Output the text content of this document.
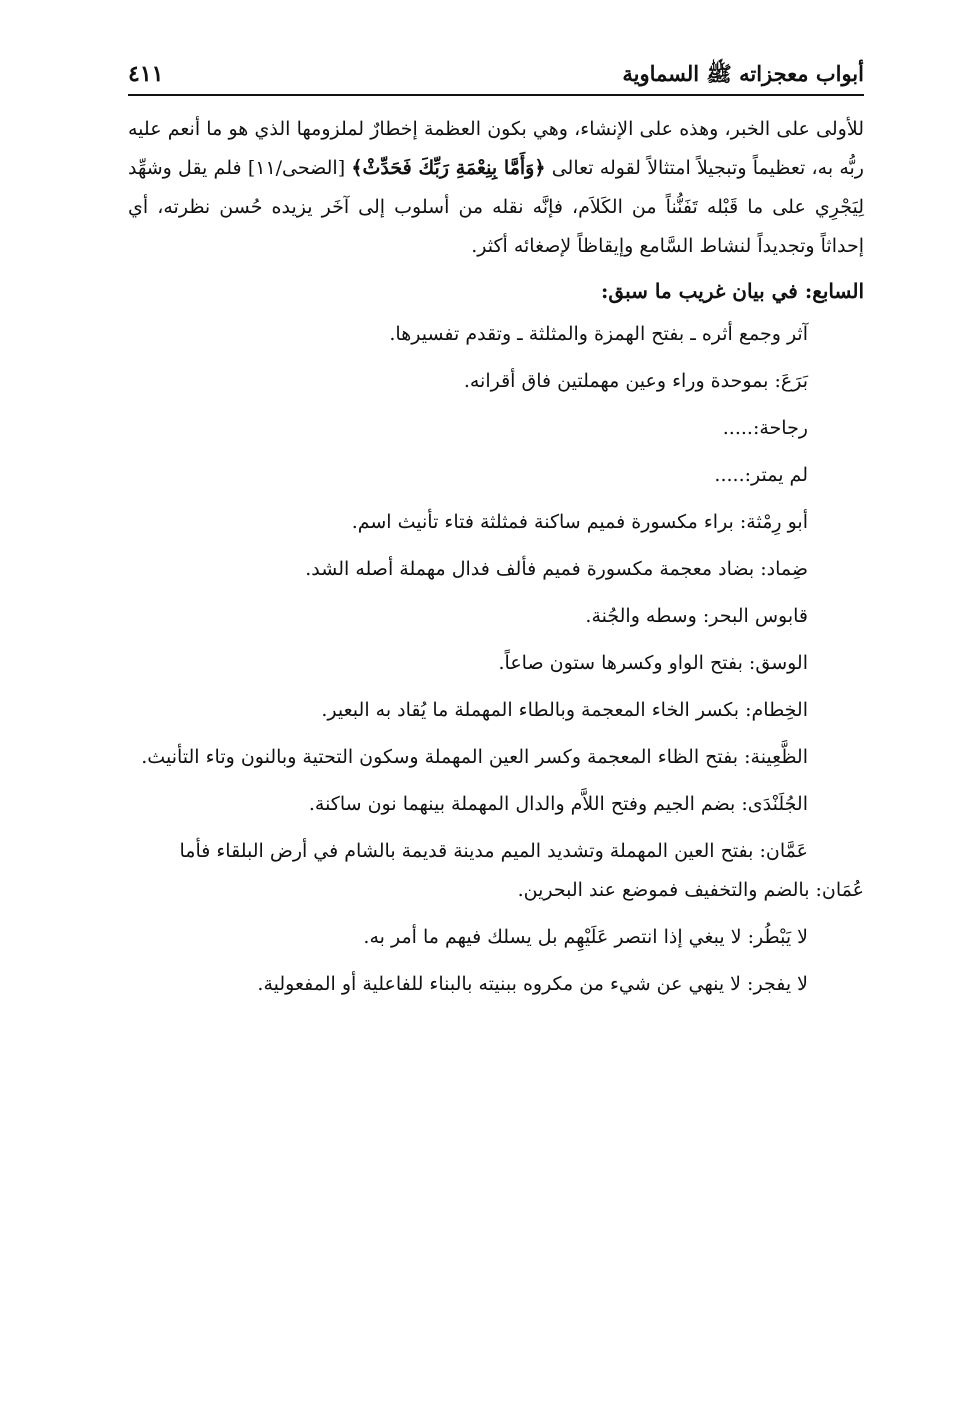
أبواب معجزاته ﷺ السماوية
٤١١

للأولى على الخبر، وهذه على الإنشاء، وهي بكون العظمة إخطارٌ لملزومها الذي هو ما أنعم عليه ربُّه به، تعظيماً وتبجيلاً امتثالاً لقوله تعالى ﴿وَأَمَّا بِنِعْمَةِ رَبِّكَ فَحَدِّثْ﴾ [الضحى/١١] فلم يقل وشهِّد لِيَجْرِي على ما قَبْله تَفَنُّناً من الكَلاَم، فإنَّه نقله من أسلوب إلى آخَر يزيده حُسن نظرته، أي إحداثاً وتجديداً لنشاط السَّامع وإيقاظاً لإصغائه أكثر.

السابع: في بيان غريب ما سبق:
آثر وجمع أثره ـ بفتح الهمزة والمثلثة ـ وتقدم تفسيرها.
بَرَعَ: بموحدة وراء وعين مهملتين فاق أقرانه.
رجاحة:.....
لم يمتر:.....
أبو رِمْثة: براء مكسورة فميم ساكنة فمثلثة فتاء تأنيث اسم.
ضِماد: بضاد معجمة مكسورة فميم فألف فدال مهملة أصله الشد.
قابوس البحر: وسطه والجُنة.
الوسق: بفتح الواو وكسرها ستون صاعاً.
الخِطام: بكسر الخاء المعجمة وبالطاء المهملة ما يُقاد به البعير.
الظَّعِينة: بفتح الظاء المعجمة وكسر العين المهملة وسكون التحتية وبالنون وتاء التأنيث.
الجُلَنْدَى: بضم الجيم وفتح اللاَّم والدال المهملة بينهما نون ساكنة.
عَمَّان: بفتح العين المهملة وتشديد الميم مدينة قديمة بالشام في أرض البلقاء فأما عُمَان: بالضم والتخفيف فموضع عند البحرين.
لا يَبْطُر: لا يبغي إذا انتصر عَلَيْهِم بل يسلك فيهم ما أمر به.
لا يفجر: لا ينهي عن شيء من مكروه ببنيته بالبناء للفاعلية أو المفعولية.
